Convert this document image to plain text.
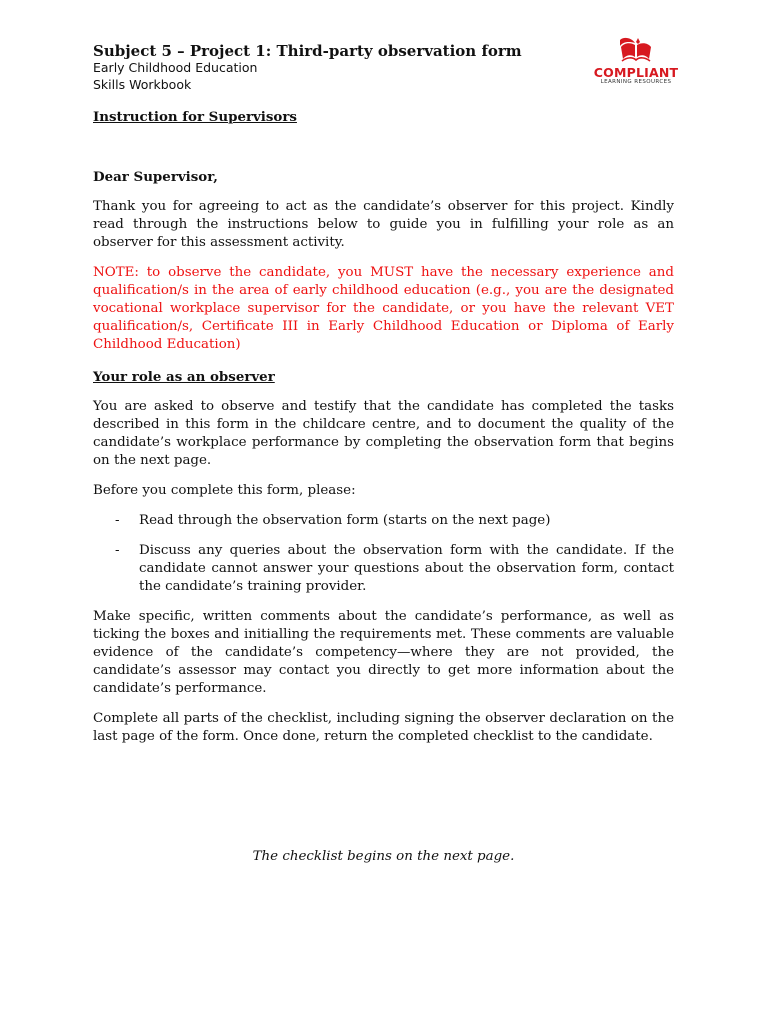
Subject 5 – Project 1: Third-party observation form
Early Childhood Education
Skills Workbook
COMPLIANT
LEARNING RESOURCES

Instruction for Supervisors

Dear Supervisor,

Thank you for agreeing to act as the candidate’s observer for this project. Kindly read through the instructions below to guide you in fulfilling your role as an observer for this assessment activity.

NOTE: to observe the candidate, you MUST have the necessary experience and qualification/s in the area of early childhood education (e.g., you are the designated vocational workplace supervisor for the candidate, or you have the relevant VET qualification/s, Certificate III in Early Childhood Education or Diploma of Early Childhood Education)

Your role as an observer

You are asked to observe and testify that the candidate has completed the tasks described in this form in the childcare centre, and to document the quality of the candidate’s workplace performance by completing the observation form that begins on the next page.

Before you complete this form, please:

- Read through the observation form (starts on the next page)
- Discuss any queries about the observation form with the candidate. If the candidate cannot answer your questions about the observation form, contact the candidate’s training provider.

Make specific, written comments about the candidate’s performance, as well as ticking the boxes and initialling the requirements met. These comments are valuable evidence of the candidate’s competency—where they are not provided, the candidate’s assessor may contact you directly to get more information about the candidate’s performance.

Complete all parts of the checklist, including signing the observer declaration on the last page of the form. Once done, return the completed checklist to the candidate.

The checklist begins on the next page.
